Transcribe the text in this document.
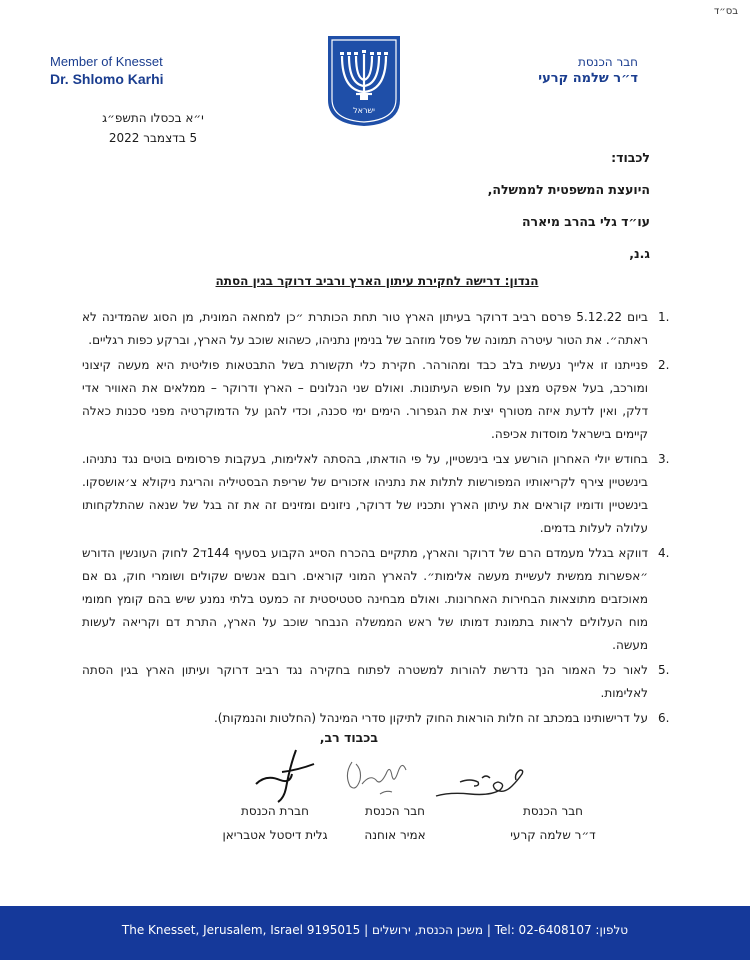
בס״ד
חבר הכנסת
ד״ר שלמה קרעי
Member of Knesset
Dr. Shlomo Karhi
ישראל
י״א בכסלו התשפ״ג
5 בדצמבר 2022
לכבוד:
היועצת המשפטית לממשלה,
עו״ד גלי בהרב מיארה
ג.נ,
הנדון: דרישה לחקירת עיתון הארץ ורביב דרוקר בגין הסתה
1.
ביום 5.12.22 פרסם רביב דרוקר בעיתון הארץ טור תחת הכותרת ״כן למחאה המונית, מן הסוג שהמדינה לא ראתה״. את הטור עיטרה תמונה של פסל מוזהב של בנימין נתניהו, כשהוא שוכב על הארץ, וברקע כפות רגליים.
2.
פנייתנו זו אלייך נעשית בלב כבד ומהורהר. חקירת כלי תקשורת בשל התבטאות פוליטית היא מעשה קיצוני ומורכב, בעל אפקט מצנן על חופש העיתונות. ואולם שני הנלונים – הארץ ודרוקר – ממלאים את האוויר אדי דלק, ואין לדעת איזה מטורף יצית את הגפרור. הימים ימי סכנה, וכדי להגן על הדמוקרטיה מפני סכנות כאלה קיימים בישראל מוסדות אכיפה.
3.
בחודש יולי האחרון הורשע צבי בינשטיין, על פי הודאתו, בהסתה לאלימות, בעקבות פרסומים בוטים נגד נתניהו. בינשטיין צירף לקריאותיו המפורשות לתלות את נתניהו אזכורים של שריפת הבסטיליה והריגת ניקולא צ׳אושסקו. בינשטיין ודומיו קוראים את עיתון הארץ ותכניו של דרוקר, ניזונים ומזינים זה את זה בגל של שנאה שהתלקחותו עלולה לעלות בדמים.
4.
דווקא בגלל מעמדם הרם של דרוקר והארץ, מתקיים בהכרח הסייג הקבוע בסעיף 144ד2 לחוק העונשין הדורש ״אפשרות ממשית לעשיית מעשה אלימות״. להארץ המוני קוראים. רובם אנשים שקולים ושומרי חוק, גם אם מאוכזבים מתוצאות הבחירות האחרונות. ואולם מבחינה סטטיסטית זה כמעט בלתי נמנע שיש בהם קומץ חמומי מוח העלולים לראות בתמונת דמותו של ראש הממשלה הנבחר שוכב על הארץ, התרת דם וקריאה לעשות מעשה.
5.
לאור כל האמור הנך נדרשת להורות למשטרה לפתוח בחקירה נגד רביב דרוקר ועיתון הארץ בגין הסתה לאלימות.
6.
על דרישותינו במכתב זה חלות הוראות החוק לתיקון סדרי המינהל (החלטות והנמקות).
בכבוד רב,
חבר הכנסת
ד״ר שלמה קרעי
חבר הכנסת
אמיר אוחנה
חברת הכנסת
גלית דיסטל אטבריאן
The Knesset, Jerusalem, Israel 9195015 | משכן הכנסת, ירושלים | Tel: 02-6408107 :טלפון
